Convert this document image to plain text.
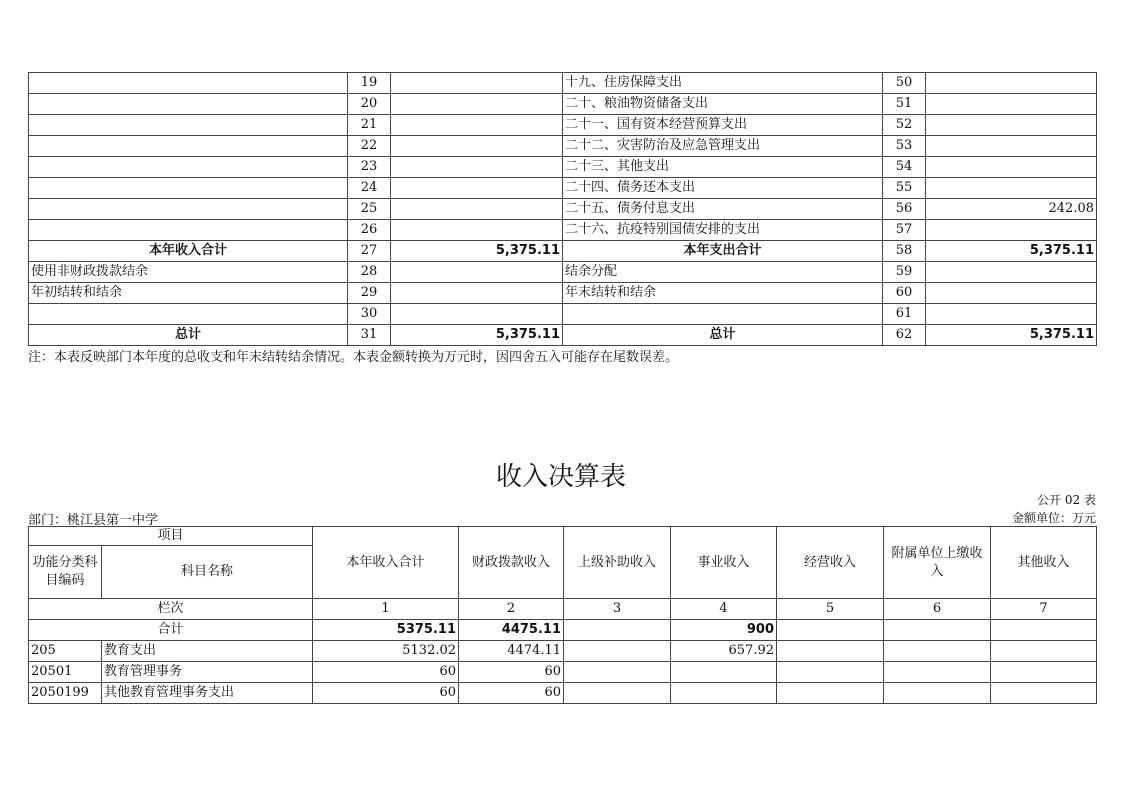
	19		十九、住房保障支出	50	
	20		二十、粮油物资储备支出	51	
	21		二十一、国有资本经营预算支出	52	
	22		二十二、灾害防治及应急管理支出	53	
	23		二十三、其他支出	54	
	24		二十四、债务还本支出	55	
	25		二十五、债务付息支出	56	242.08
	26		二十六、抗疫特别国债安排的支出	57	
本年收入合计	27	5,375.11	本年支出合计	58	5,375.11
使用非财政拨款结余	28		结余分配	59	
年初结转和结余	29		年末结转和结余	60	
	30			61	
总计	31	5,375.11	总计	62	5,375.11
注：本表反映部门本年度的总收支和年末结转结余情况。本表金额转换为万元时，因四舍五入可能存在尾数误差。
收入决算表
公开 02 表
部门：桃江县第一中学	金额单位：万元
项目		本年收入合计	财政拨款收入	上级补助收入	事业收入	经营收入	附属单位上缴收入	其他收入
功能分类科目编码	科目名称							
栏次		1	2	3	4	5	6	7
合计		5375.11	4475.11		900			
205	教育支出	5132.02	4474.11		657.92			
20501	教育管理事务	60	60					
2050199	其他教育管理事务支出	60	60					
